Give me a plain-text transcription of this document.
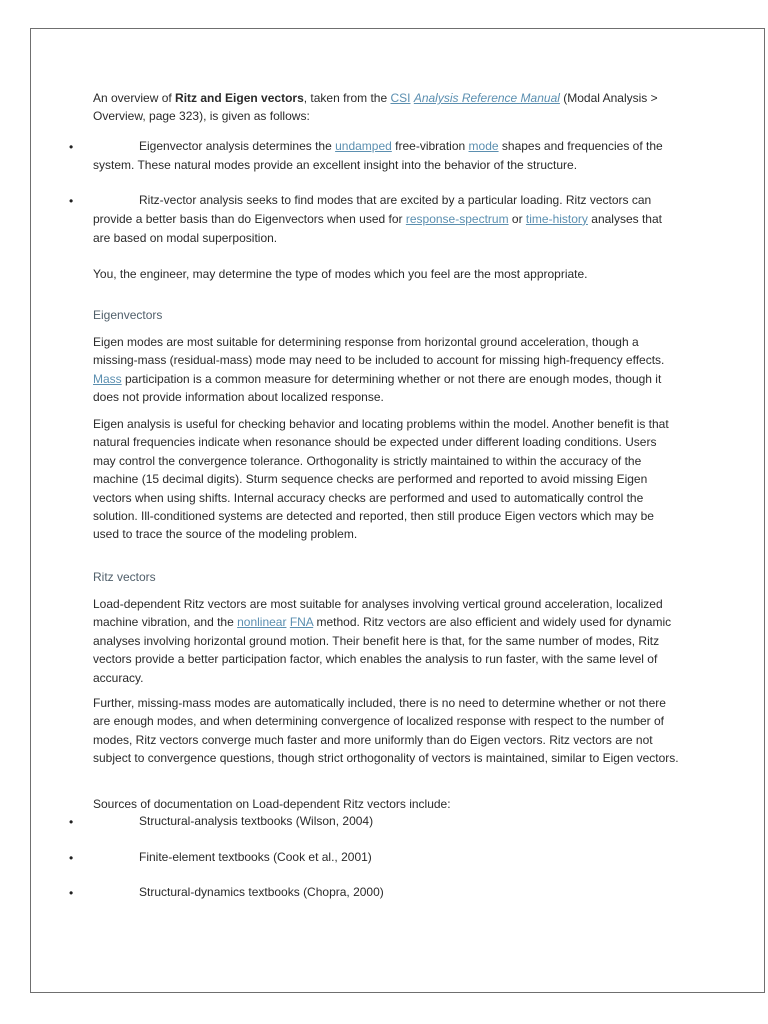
An overview of Ritz and Eigen vectors, taken from the CSI Analysis Reference Manual (Modal Analysis > Overview, page 323), is given as follows:

•	Eigenvector analysis determines the undamped free-vibration mode shapes and frequencies of the system. These natural modes provide an excellent insight into the behavior of the structure.

•	Ritz-vector analysis seeks to find modes that are excited by a particular loading. Ritz vectors can provide a better basis than do Eigenvectors when used for response-spectrum or time-history analyses that are based on modal superposition.

You, the engineer, may determine the type of modes which you feel are the most appropriate.

Eigenvectors

Eigen modes are most suitable for determining response from horizontal ground acceleration, though a missing-mass (residual-mass) mode may need to be included to account for missing high-frequency effects. Mass participation is a common measure for determining whether or not there are enough modes, though it does not provide information about localized response.

Eigen analysis is useful for checking behavior and locating problems within the model. Another benefit is that natural frequencies indicate when resonance should be expected under different loading conditions. Users may control the convergence tolerance. Orthogonality is strictly maintained to within the accuracy of the machine (15 decimal digits). Sturm sequence checks are performed and reported to avoid missing Eigen vectors when using shifts. Internal accuracy checks are performed and used to automatically control the solution. Ill-conditioned systems are detected and reported, then still produce Eigen vectors which may be used to trace the source of the modeling problem.

Ritz vectors

Load-dependent Ritz vectors are most suitable for analyses involving vertical ground acceleration, localized machine vibration, and the nonlinear FNA method. Ritz vectors are also efficient and widely used for dynamic analyses involving horizontal ground motion. Their benefit here is that, for the same number of modes, Ritz vectors provide a better participation factor, which enables the analysis to run faster, with the same level of accuracy.

Further, missing-mass modes are automatically included, there is no need to determine whether or not there are enough modes, and when determining convergence of localized response with respect to the number of modes, Ritz vectors converge much faster and more uniformly than do Eigen vectors. Ritz vectors are not subject to convergence questions, though strict orthogonality of vectors is maintained, similar to Eigen vectors.

Sources of documentation on Load-dependent Ritz vectors include:

•	Structural-analysis textbooks (Wilson, 2004)
•	Finite-element textbooks (Cook et al., 2001)
•	Structural-dynamics textbooks (Chopra, 2000)
